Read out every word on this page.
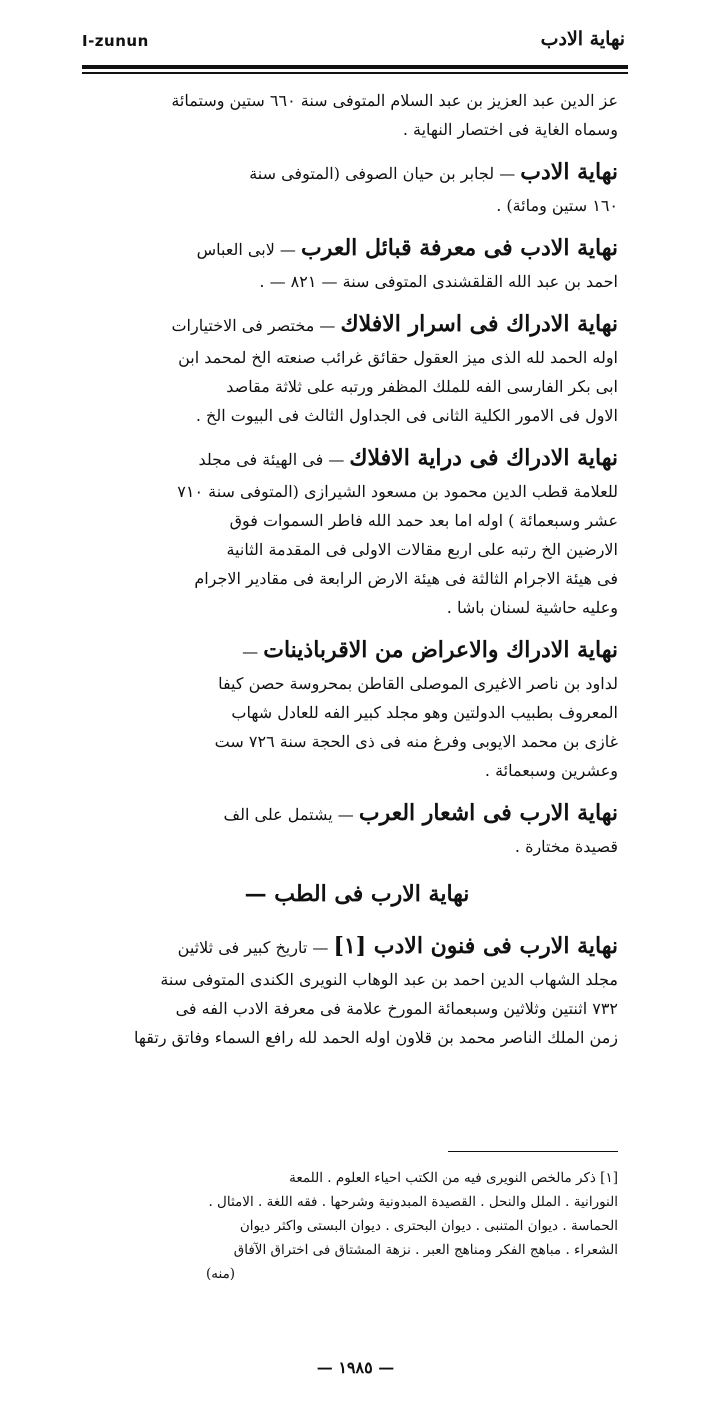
I-zunun	نهاية الادب
عز الدين عبد العزيز بن عبد السلام المتوفى سنة ٦٦٠ ستين وستمائة
وسماه الغاية فى اختصار النهاية .
نهاية الادب — لجابر بن حيان الصوفى (المتوفى سنة
١٦٠ ستين ومائة) .
نهاية الادب فى معرفة قبائل العرب — لابى العباس
احمد بن عبد الله القلقشندى المتوفى سنة — ٨٢١ — .
نهاية الادراك فى اسرار الافلاك — مختصر فى الاختيارات
اوله الحمد لله الذى ميز العقول حقائق غرائب صنعته الخ لمحمد ابن
ابى بكر الفارسى الفه للملك المظفر ورتبه على ثلاثة مقاصد
الاول فى الامور الكلية الثانى فى الجداول الثالث فى البيوت الخ .
نهاية الادراك فى دراية الافلاك — فى الهيئة فى مجلد
للعلامة قطب الدين محمود بن مسعود الشيرازى (المتوفى سنة ٧١٠
عشر وسبعمائة ) اوله اما بعد حمد الله فاطر السموات فوق
الارضين الخ رتبه على اربع مقالات الاولى فى المقدمة الثانية
فى هيئة الاجرام الثالثة فى هيئة الارض الرابعة فى مقادير الاجرام
وعليه حاشية لسنان باشا .
نهاية الادراك والاعراض من الاقرباذينات —
لداود بن ناصر الاغيرى الموصلى القاطن بمحروسة حصن كيفا
المعروف بطبيب الدولتين وهو مجلد كبير الفه للعادل شهاب
غازى بن محمد الايوبى وفرغ منه فى ذى الحجة سنة ٧٢٦ ست
وعشرين وسبعمائة .
نهاية الارب فى اشعار العرب — يشتمل على الف
قصيدة مختارة .
نهاية الارب فى الطب —
نهاية الارب فى فنون الادب [١] — تاريخ كبير فى ثلاثين
مجلد الشهاب الدين احمد بن عبد الوهاب النويرى الكندى المتوفى سنة
٧٣٢ اثنتين وثلاثين وسبعمائة المورخ علامة فى معرفة الادب الفه فى
زمن الملك الناصر محمد بن قلاون اوله الحمد لله رافع السماء وفاتق رتقها
[١] ذكر مالخص النويرى فيه من الكتب احياء العلوم . اللمعة
النورانية . الملل والنحل . القصيدة المبدونية وشرحها . فقه اللغة . الامثال .
الحماسة . ديوان المتنبى . ديوان البحترى . ديوان البستى واكثر ديوان
الشعراء . مباهج الفكر ومناهج العبر . نزهة المشتاق فى اختراق الآفاق
(منه)
— ١٩٨٥ —
